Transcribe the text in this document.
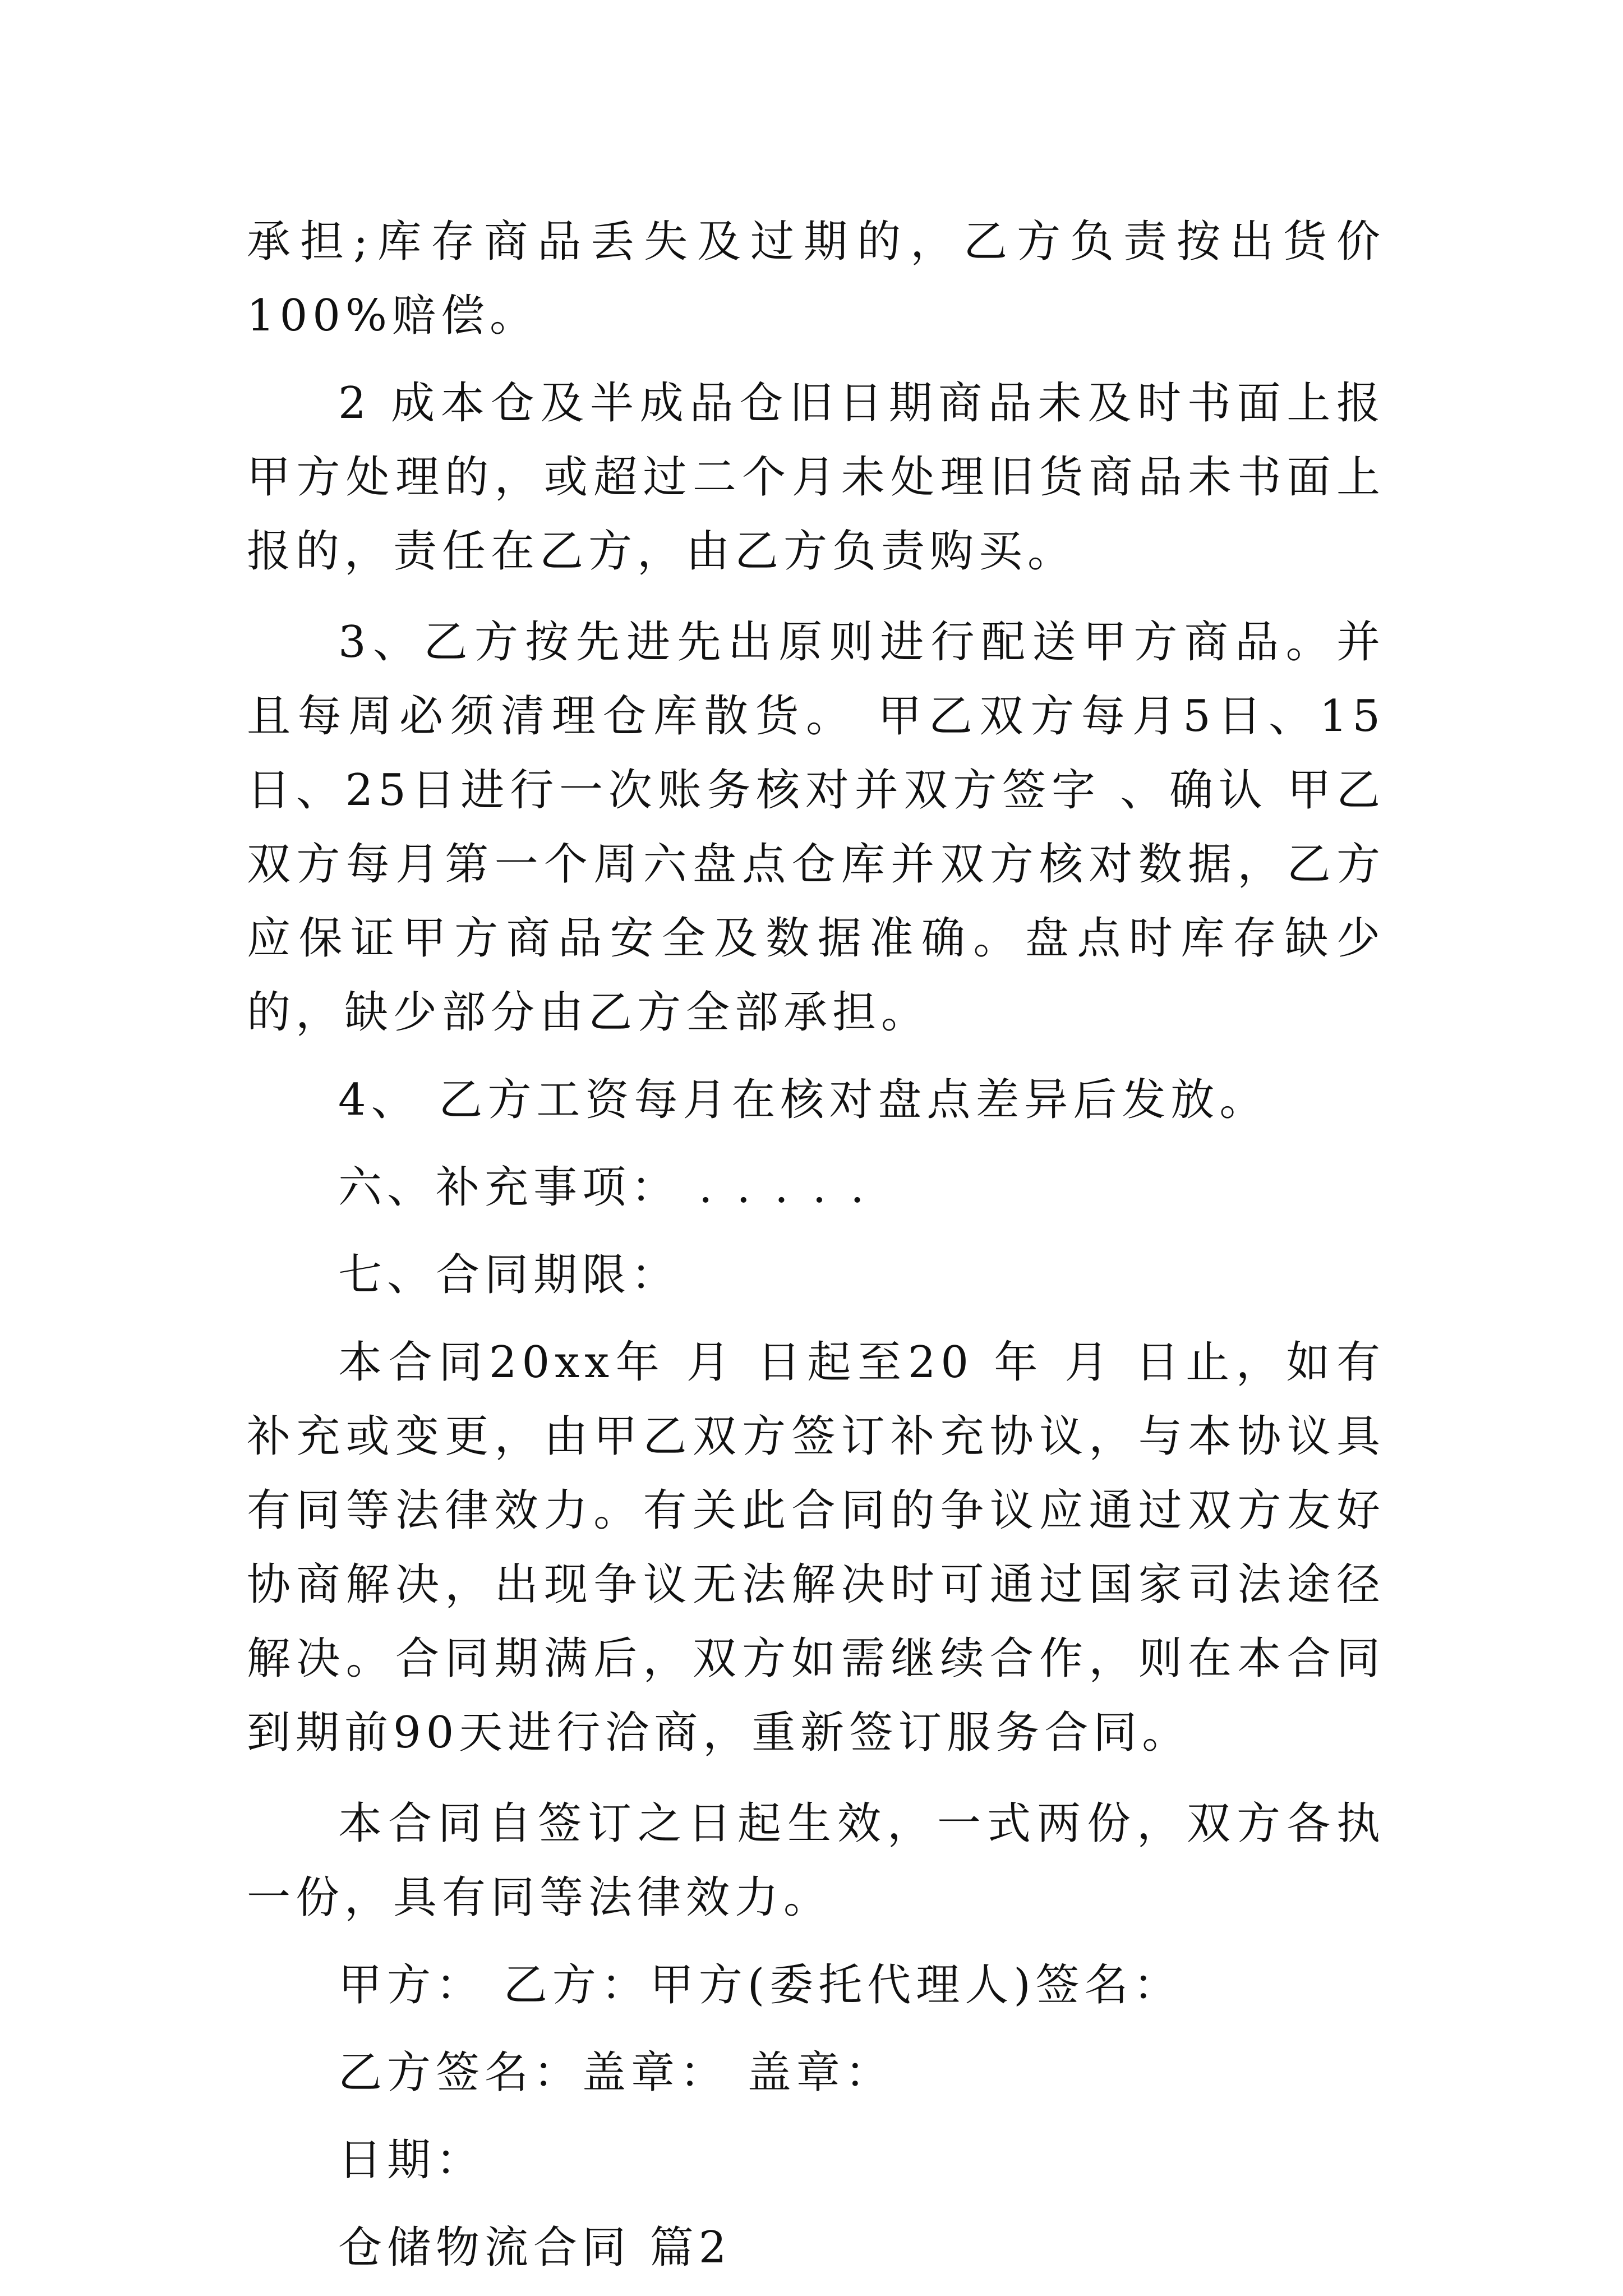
承担;库存商品丢失及过期的，乙方负责按出货价100%赔偿。

2 成本仓及半成品仓旧日期商品未及时书面上报甲方处理的，或超过二个月未处理旧货商品未书面上报的，责任在乙方，由乙方负责购买。

3、乙方按先进先出原则进行配送甲方商品。并且每周必须清理仓库散货。 甲乙双方每月5日、15日、25日进行一次账务核对并双方签字 、确认 甲乙双方每月第一个周六盘点仓库并双方核对数据，乙方应保证甲方商品安全及数据准确。盘点时库存缺少的，缺少部分由乙方全部承担。

4、 乙方工资每月在核对盘点差异后发放。

六、补充事项： . . . . .

七、合同期限：

本合同20xx年 月 日起至20 年 月 日止，如有补充或变更，由甲乙双方签订补充协议，与本协议具有同等法律效力。有关此合同的争议应通过双方友好协商解决，出现争议无法解决时可通过国家司法途径解决。合同期满后，双方如需继续合作，则在本合同到期前90天进行洽商，重新签订服务合同。

本合同自签订之日起生效，一式两份，双方各执一份，具有同等法律效力。

甲方： 乙方：甲方(委托代理人)签名：

乙方签名：盖章： 盖章：

日期：

仓储物流合同 篇2
